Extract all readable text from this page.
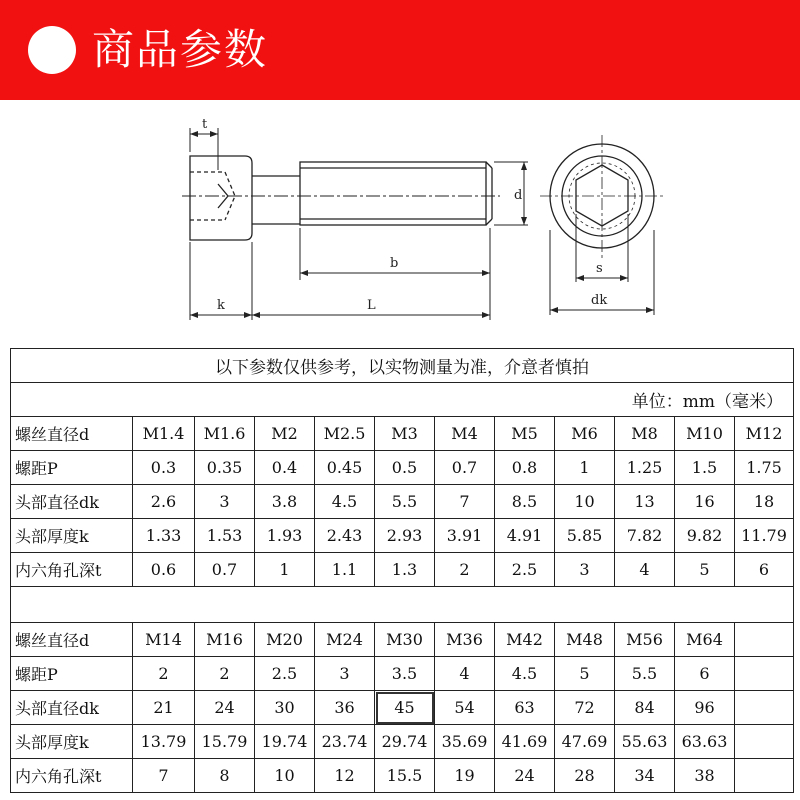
商品参数
t
k	L
b
d
s
dk
以下参数仅供参考，以实物测量为准，介意者慎拍											
单位：mm（毫米）											
螺丝直径d	M1.4	M1.6	M2	M2.5	M3	M4	M5	M6	M8	M10	M12
螺距P	0.3	0.35	0.4	0.45	0.5	0.7	0.8	1	1.25	1.5	1.75
头部直径dk	2.6	3	3.8	4.5	5.5	7	8.5	10	13	16	18
头部厚度k	1.33	1.53	1.93	2.43	2.93	3.91	4.91	5.85	7.82	9.82	11.79
内六角孔深t	0.6	0.7	1	1.1	1.3	2	2.5	3	4	5	6

螺丝直径d	M14	M16	M20	M24	M30	M36	M42	M48	M56	M64	
螺距P	2	2	2.5	3	3.5	4	4.5	5	5.5	6	
头部直径dk	21	24	30	36	45	54	63	72	84	96	
头部厚度k	13.79	15.79	19.74	23.74	29.74	35.69	41.69	47.69	55.63	63.63	
内六角孔深t	7	8	10	12	15.5	19	24	28	34	38	
